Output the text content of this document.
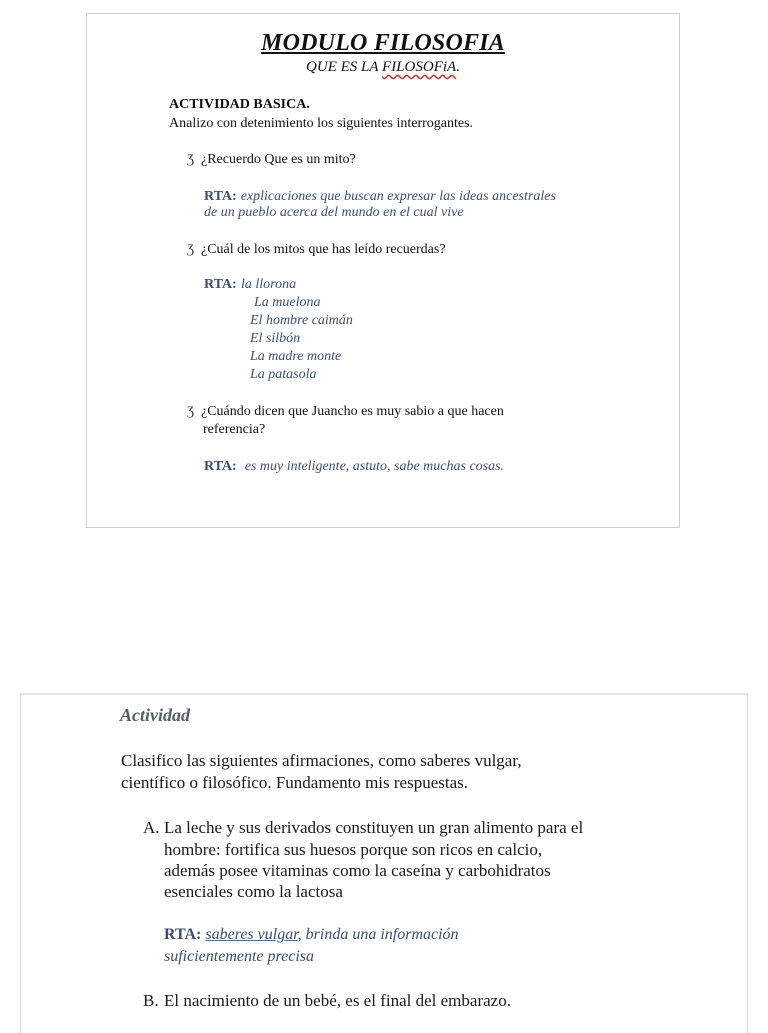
MODULO FILOSOFIA
QUE ES LA FILOSOFiA.
ACTIVIDAD BASICA.
Analizo con detenimiento los siguientes interrogantes.
Ʒ ¿Recuerdo Que es un mito?
RTA: explicaciones que buscan expresar las ideas ancestrales
de un pueblo acerca del mundo en el cual vive
Ʒ ¿Cuál de los mitos que has leído recuerdas?
RTA: la llorona
La muelona
El hombre caimán
El silbón
La madre monte
La patasola
Ʒ ¿Cuándo dicen que Juancho es muy sabio a que hacen
referencia?
RTA: es muy inteligente, astuto, sabe muchas cosas.
Actividad
Clasifico las siguientes afirmaciones, como saberes vulgar,
científico o filosófico. Fundamento mis respuestas.
A. La leche y sus derivados constituyen un gran alimento para el
hombre: fortifica sus huesos porque son ricos en calcio,
además posee vitaminas como la caseína y carbohidratos
esenciales como la lactosa
RTA: saberes vulgar, brinda una información
suficientemente precisa
B. El nacimiento de un bebé, es el final del embarazo.
